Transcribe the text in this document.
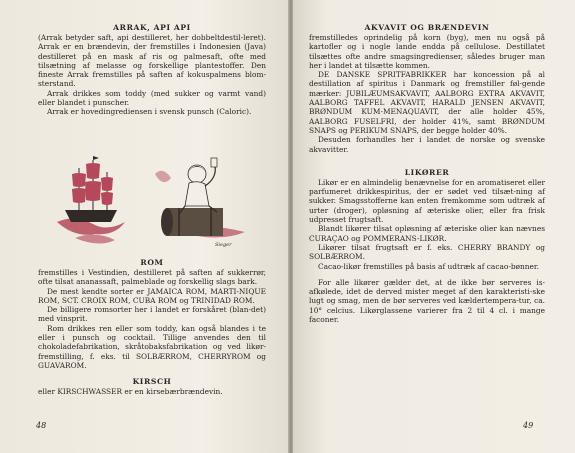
ARRAK, API API
(Arrak betyder saft, api destilleret, her dobbeltdestil-leret). Arrak er en brændevin, der fremstilles i Indonesien (Java) destilleret på en mask af ris og palmesaft, ofte med tilsætning af melasse og forskellige plantestoffer. Den fineste Arrak fremstilles på saften af kokuspalmens blom-sterstand.
Arrak drikkes som toddy (med sukker og varmt vand) eller blandet i punscher.
Arrak er hovedingrediensen i svensk punsch (Caloric).
Sieger
ROM
fremstilles i Vestindien, destilleret på saften af sukkerrør, ofte tilsat ananassaft, palmeblade og forskellig slags bark.
De mest kendte sorter er JAMAICA ROM, MARTI-NIQUE ROM, SCT. CROIX ROM, CUBA ROM og TRINIDAD ROM.
De billigere romsorter her i landet er forskåret (blan-det) med vinsprit.
Rom drikkes ren eller som toddy, kan også blandes i te eller i punsch og cocktail. Tillige anvendes den til chokoladefabrikation, skråtobaksfabrikation og ved likør-fremstilling, f. eks. til SOLBÆRROM, CHERRYROM og GUAVAROM.
KIRSCH
eller KIRSCHWASSER er en kirsebærbrændevin.
48
AKVAVIT OG BRÆNDEVIN
fremstilledes oprindelig på korn (byg), men nu også på kartofler og i nogle lande endda på cellulose. Destillatet tilsættes ofte andre smagsingredienser, således bruger man her i landet at tilsætte kommen.
DE DANSKE SPRITFABRIKKER har koncession på al destillation af spiritus i Danmark og fremstiller føl-gende mærker: JUBILÆUMSAKVAVIT, AALBORG EXTRA AKVAVIT, AALBORG TAFFEL AKVAVIT, HARALD JENSEN AKVAVIT, BRØNDUM KUM-MENAQUAVIT, der alle holder 45%, AALBORG FUSELFRI, der holder 41%, samt BRØNDUM SNAPS og PERIKUM SNAPS, der begge holder 40%.
Desuden forhandles her i landet de norske og svenske akvavitter.
LIKØRER
Likør er en almindelig benævnelse for en aromatiseret eller parfumeret drikkespiritus, der er sødet ved tilsæt-ning af sukker. Smagsstofferne kan enten fremkomme som udtræk af urter (droger), opløsning af æteriske olier, eller fra frisk udpresset frugtsaft.
Blandt likører tilsat opløsning af æteriske olier kan nævnes CURAÇAO og POMMERANS-LIKØR.
Likører tilsat frugtsaft er f. eks. CHERRY BRANDY og SOLBÆRROM.
Cacao-likør fremstilles på basis af udtræk af cacao-bønner.
For alle likører gælder det, at de ikke bør serveres is-afkølede, idet de derved mister meget af den karakteristi-ske lugt og smag, men de bør serveres ved kældertempera-tur, ca. 10° celcius. Likørglassene varierer fra 2 til 4 cl. i mange faconer.
49
